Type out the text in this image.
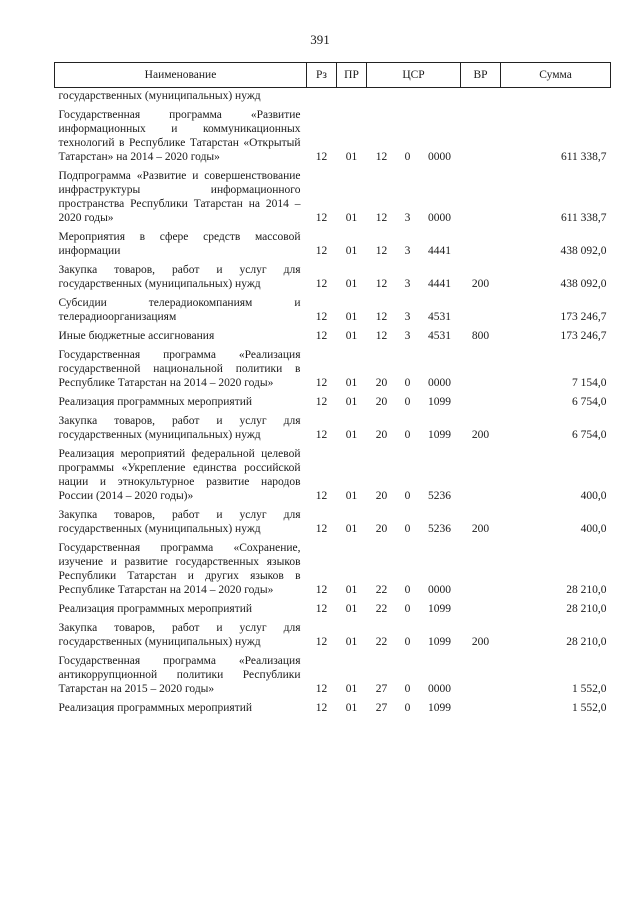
391
Наименование	Рз	ПР	ЦСР			ВР	Сумма
государственных (муниципальных) нужд							
Государственная программа «Развитие информационных и коммуникационных технологий в Республике Татарстан «Открытый Татарстан» на 2014 – 2020 годы»	12	01	12	0	0000		611 338,7
Подпрограмма «Развитие и совершенствование инфраструктуры информационного пространства Республики Татарстан на 2014 – 2020 годы»	12	01	12	3	0000		611 338,7
Мероприятия в сфере средств массовой информации	12	01	12	3	4441		438 092,0
Закупка товаров, работ и услуг для государственных (муниципальных) нужд	12	01	12	3	4441	200	438 092,0
Субсидии телерадиокомпаниям и телерадиоорганизациям	12	01	12	3	4531		173 246,7
Иные бюджетные ассигнования	12	01	12	3	4531	800	173 246,7
Государственная программа «Реализация государственной национальной политики в Республике Татарстан на 2014 – 2020 годы»	12	01	20	0	0000		7 154,0
Реализация программных мероприятий	12	01	20	0	1099		6 754,0
Закупка товаров, работ и услуг для государственных (муниципальных) нужд	12	01	20	0	1099	200	6 754,0
Реализация мероприятий федеральной целевой программы «Укрепление единства российской нации и этнокультурное развитие народов России (2014 – 2020 годы)»	12	01	20	0	5236		400,0
Закупка товаров, работ и услуг для государственных (муниципальных) нужд	12	01	20	0	5236	200	400,0
Государственная программа «Сохранение, изучение и развитие государственных языков Республики Татарстан и других языков в Республике Татарстан на 2014 – 2020 годы»	12	01	22	0	0000		28 210,0
Реализация программных мероприятий	12	01	22	0	1099		28 210,0
Закупка товаров, работ и услуг для государственных (муниципальных) нужд	12	01	22	0	1099	200	28 210,0
Государственная программа «Реализация антикоррупционной политики Республики Татарстан на 2015 – 2020 годы»	12	01	27	0	0000		1 552,0
Реализация программных мероприятий	12	01	27	0	1099		1 552,0
